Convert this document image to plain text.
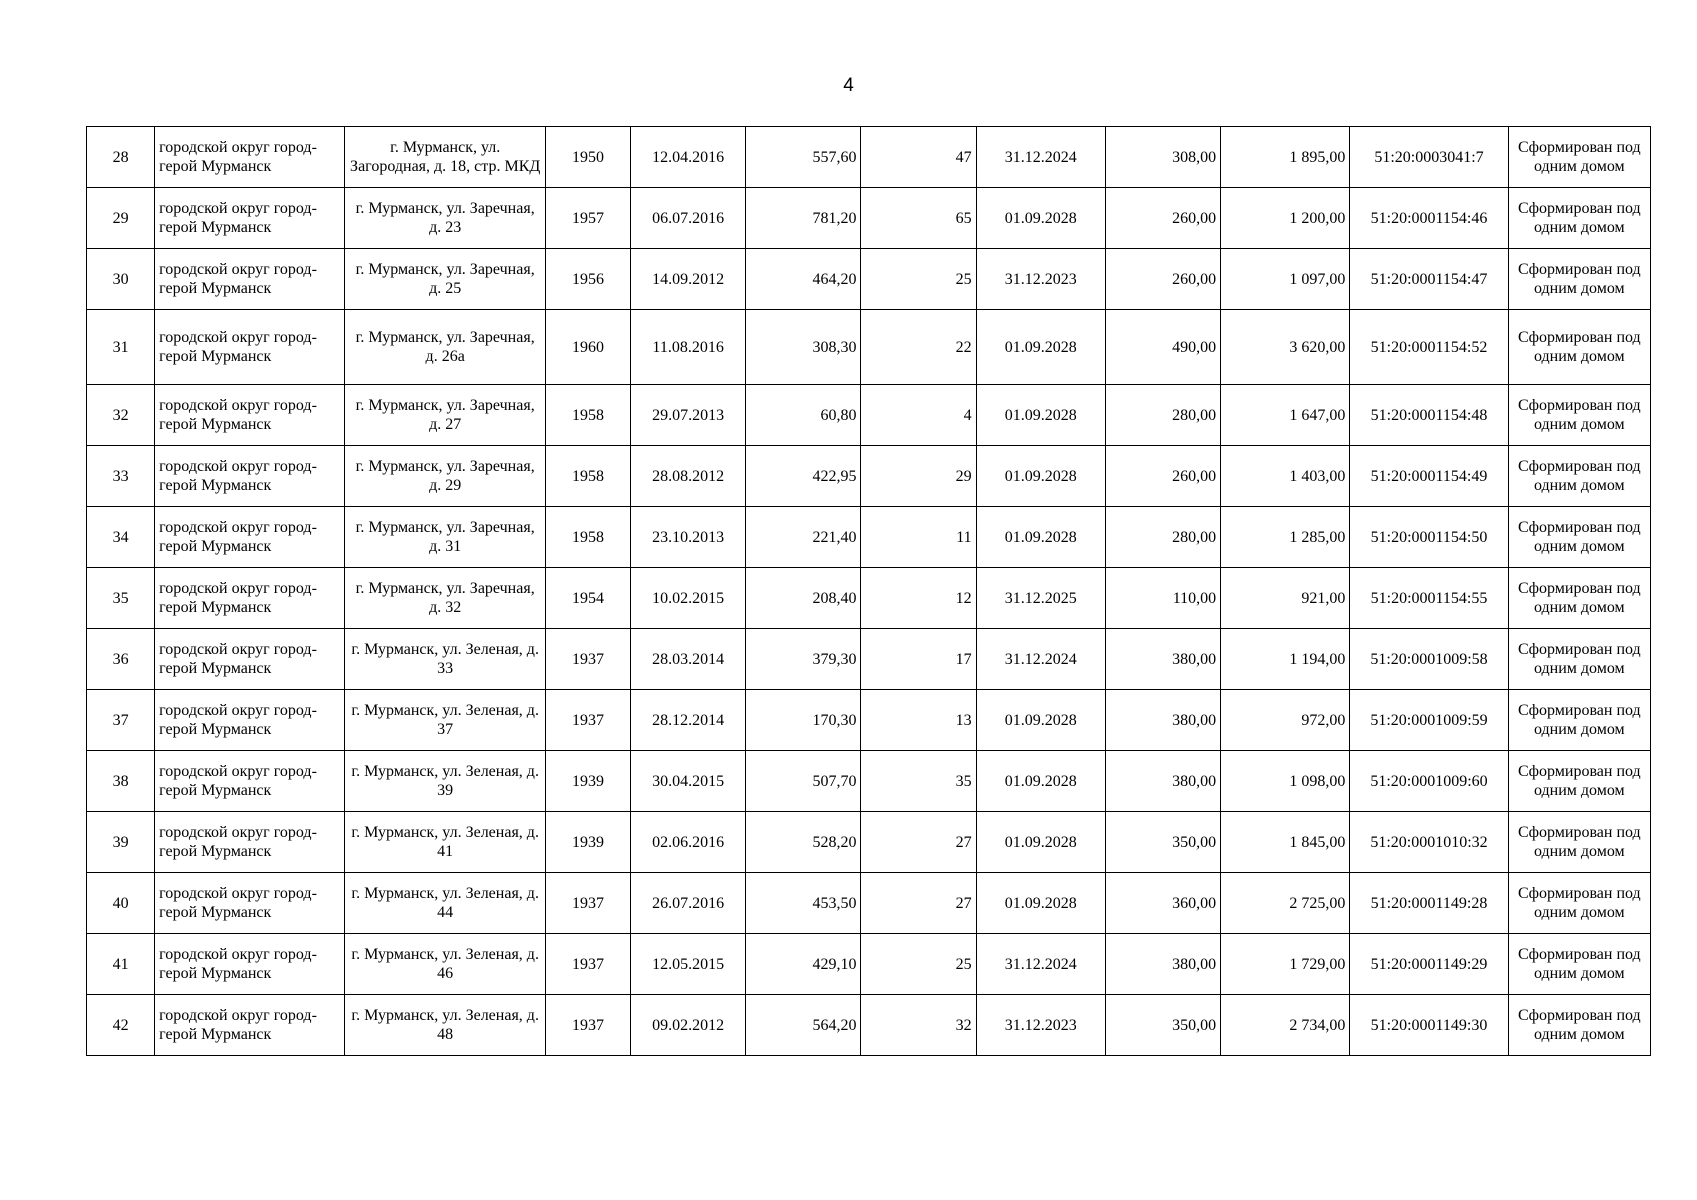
4
28	городской округ город-герой Мурманск	г. Мурманск, ул. Загородная, д. 18, стр. МКД	1950	12.04.2016	557,60	47	31.12.2024	308,00	1 895,00	51:20:0003041:7	Сформирован под одним домом
29	городской округ город-герой Мурманск	г. Мурманск, ул. Заречная, д. 23	1957	06.07.2016	781,20	65	01.09.2028	260,00	1 200,00	51:20:0001154:46	Сформирован под одним домом
30	городской округ город-герой Мурманск	г. Мурманск, ул. Заречная, д. 25	1956	14.09.2012	464,20	25	31.12.2023	260,00	1 097,00	51:20:0001154:47	Сформирован под одним домом
31	городской округ город-герой Мурманск	г. Мурманск, ул. Заречная, д. 26а	1960	11.08.2016	308,30	22	01.09.2028	490,00	3 620,00	51:20:0001154:52	Сформирован под одним домом
32	городской округ город-герой Мурманск	г. Мурманск, ул. Заречная, д. 27	1958	29.07.2013	60,80	4	01.09.2028	280,00	1 647,00	51:20:0001154:48	Сформирован под одним домом
33	городской округ город-герой Мурманск	г. Мурманск, ул. Заречная, д. 29	1958	28.08.2012	422,95	29	01.09.2028	260,00	1 403,00	51:20:0001154:49	Сформирован под одним домом
34	городской округ город-герой Мурманск	г. Мурманск, ул. Заречная, д. 31	1958	23.10.2013	221,40	11	01.09.2028	280,00	1 285,00	51:20:0001154:50	Сформирован под одним домом
35	городской округ город-герой Мурманск	г. Мурманск, ул. Заречная, д. 32	1954	10.02.2015	208,40	12	31.12.2025	110,00	921,00	51:20:0001154:55	Сформирован под одним домом
36	городской округ город-герой Мурманск	г. Мурманск, ул. Зеленая, д. 33	1937	28.03.2014	379,30	17	31.12.2024	380,00	1 194,00	51:20:0001009:58	Сформирован под одним домом
37	городской округ город-герой Мурманск	г. Мурманск, ул. Зеленая, д. 37	1937	28.12.2014	170,30	13	01.09.2028	380,00	972,00	51:20:0001009:59	Сформирован под одним домом
38	городской округ город-герой Мурманск	г. Мурманск, ул. Зеленая, д. 39	1939	30.04.2015	507,70	35	01.09.2028	380,00	1 098,00	51:20:0001009:60	Сформирован под одним домом
39	городской округ город-герой Мурманск	г. Мурманск, ул. Зеленая, д. 41	1939	02.06.2016	528,20	27	01.09.2028	350,00	1 845,00	51:20:0001010:32	Сформирован под одним домом
40	городской округ город-герой Мурманск	г. Мурманск, ул. Зеленая, д. 44	1937	26.07.2016	453,50	27	01.09.2028	360,00	2 725,00	51:20:0001149:28	Сформирован под одним домом
41	городской округ город-герой Мурманск	г. Мурманск, ул. Зеленая, д. 46	1937	12.05.2015	429,10	25	31.12.2024	380,00	1 729,00	51:20:0001149:29	Сформирован под одним домом
42	городской округ город-герой Мурманск	г. Мурманск, ул. Зеленая, д. 48	1937	09.02.2012	564,20	32	31.12.2023	350,00	2 734,00	51:20:0001149:30	Сформирован под одним домом
